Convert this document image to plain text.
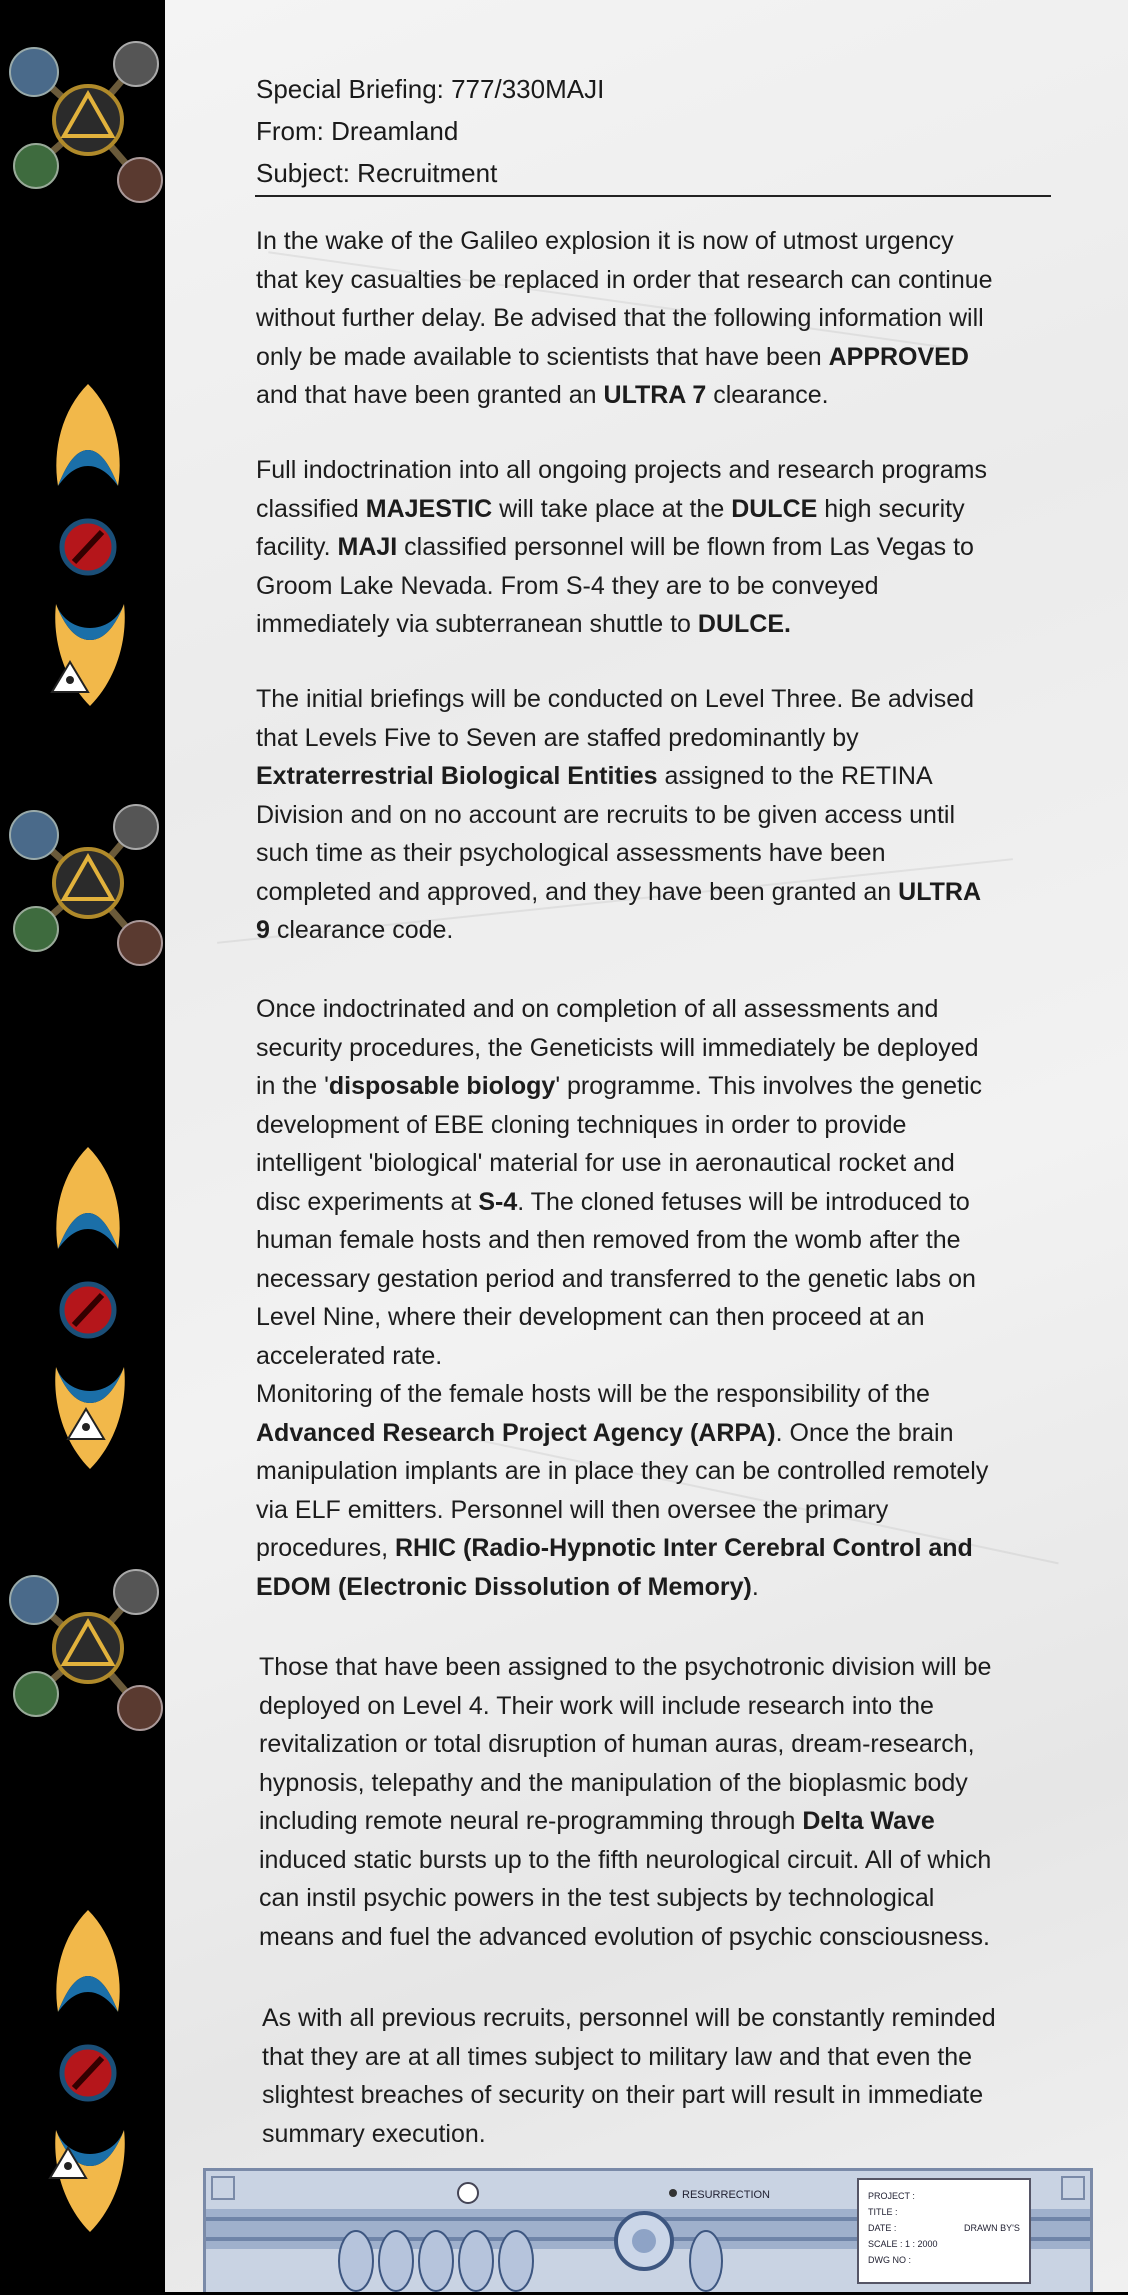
Special Briefing: 777/330MAJI
From: Dreamland
Subject: Recruitment
In the wake of the Galileo explosion it is now of utmost urgency that key casualties be replaced in order that research can continue without further delay. Be advised that the following information will only be made available to scientists that have been APPROVED and that have been granted an ULTRA 7 clearance.
Full indoctrination into all ongoing projects and research programs classified MAJESTIC will take place at the DULCE high security facility. MAJI classified personnel will be flown from Las Vegas to Groom Lake Nevada. From S-4 they are to be conveyed immediately via subterranean shuttle to DULCE.
The initial briefings will be conducted on Level Three. Be advised that Levels Five to Seven are staffed predominantly by Extraterrestrial Biological Entities assigned to the RETINA Division and on no account are recruits to be given access until such time as their psychological assessments have been completed and approved, and they have been granted an ULTRA 9 clearance code.
Once indoctrinated and on completion of all assessments and security procedures, the Geneticists will immediately be deployed in the 'disposable biology' programme. This involves the genetic development of EBE cloning techniques in order to provide intelligent 'biological' material for use in aeronautical rocket and disc experiments at S-4. The cloned fetuses will be introduced to human female hosts and then removed from the womb after the necessary gestation period and transferred to the genetic labs on Level Nine, where their development can then proceed at an accelerated rate.
Monitoring of the female hosts will be the responsibility of the Advanced Research Project Agency (ARPA). Once the brain manipulation implants are in place they can be controlled remotely via ELF emitters. Personnel will then oversee the primary procedures, RHIC (Radio-Hypnotic Inter Cerebral Control and EDOM (Electronic Dissolution of Memory).
Those that have been assigned to the psychotronic division will be deployed on Level 4. Their work will include research into the revitalization or total disruption of human auras, dream-research, hypnosis, telepathy and the manipulation of the bioplasmic body including remote neural re-programming through Delta Wave induced static bursts up to the fifth neurological circuit. All of which can instil psychic powers in the test subjects by technological means and fuel the advanced evolution of psychic consciousness.
As with all previous recruits, personnel will be constantly reminded that they are at all times subject to military law and that even the slightest breaches of security on their part will result in immediate summary execution.
RESURRECTION	PROJECT :
TITLE :
DATE :
SCALE : 1 : 2000
DWG NO :
DRAWN BY'S
